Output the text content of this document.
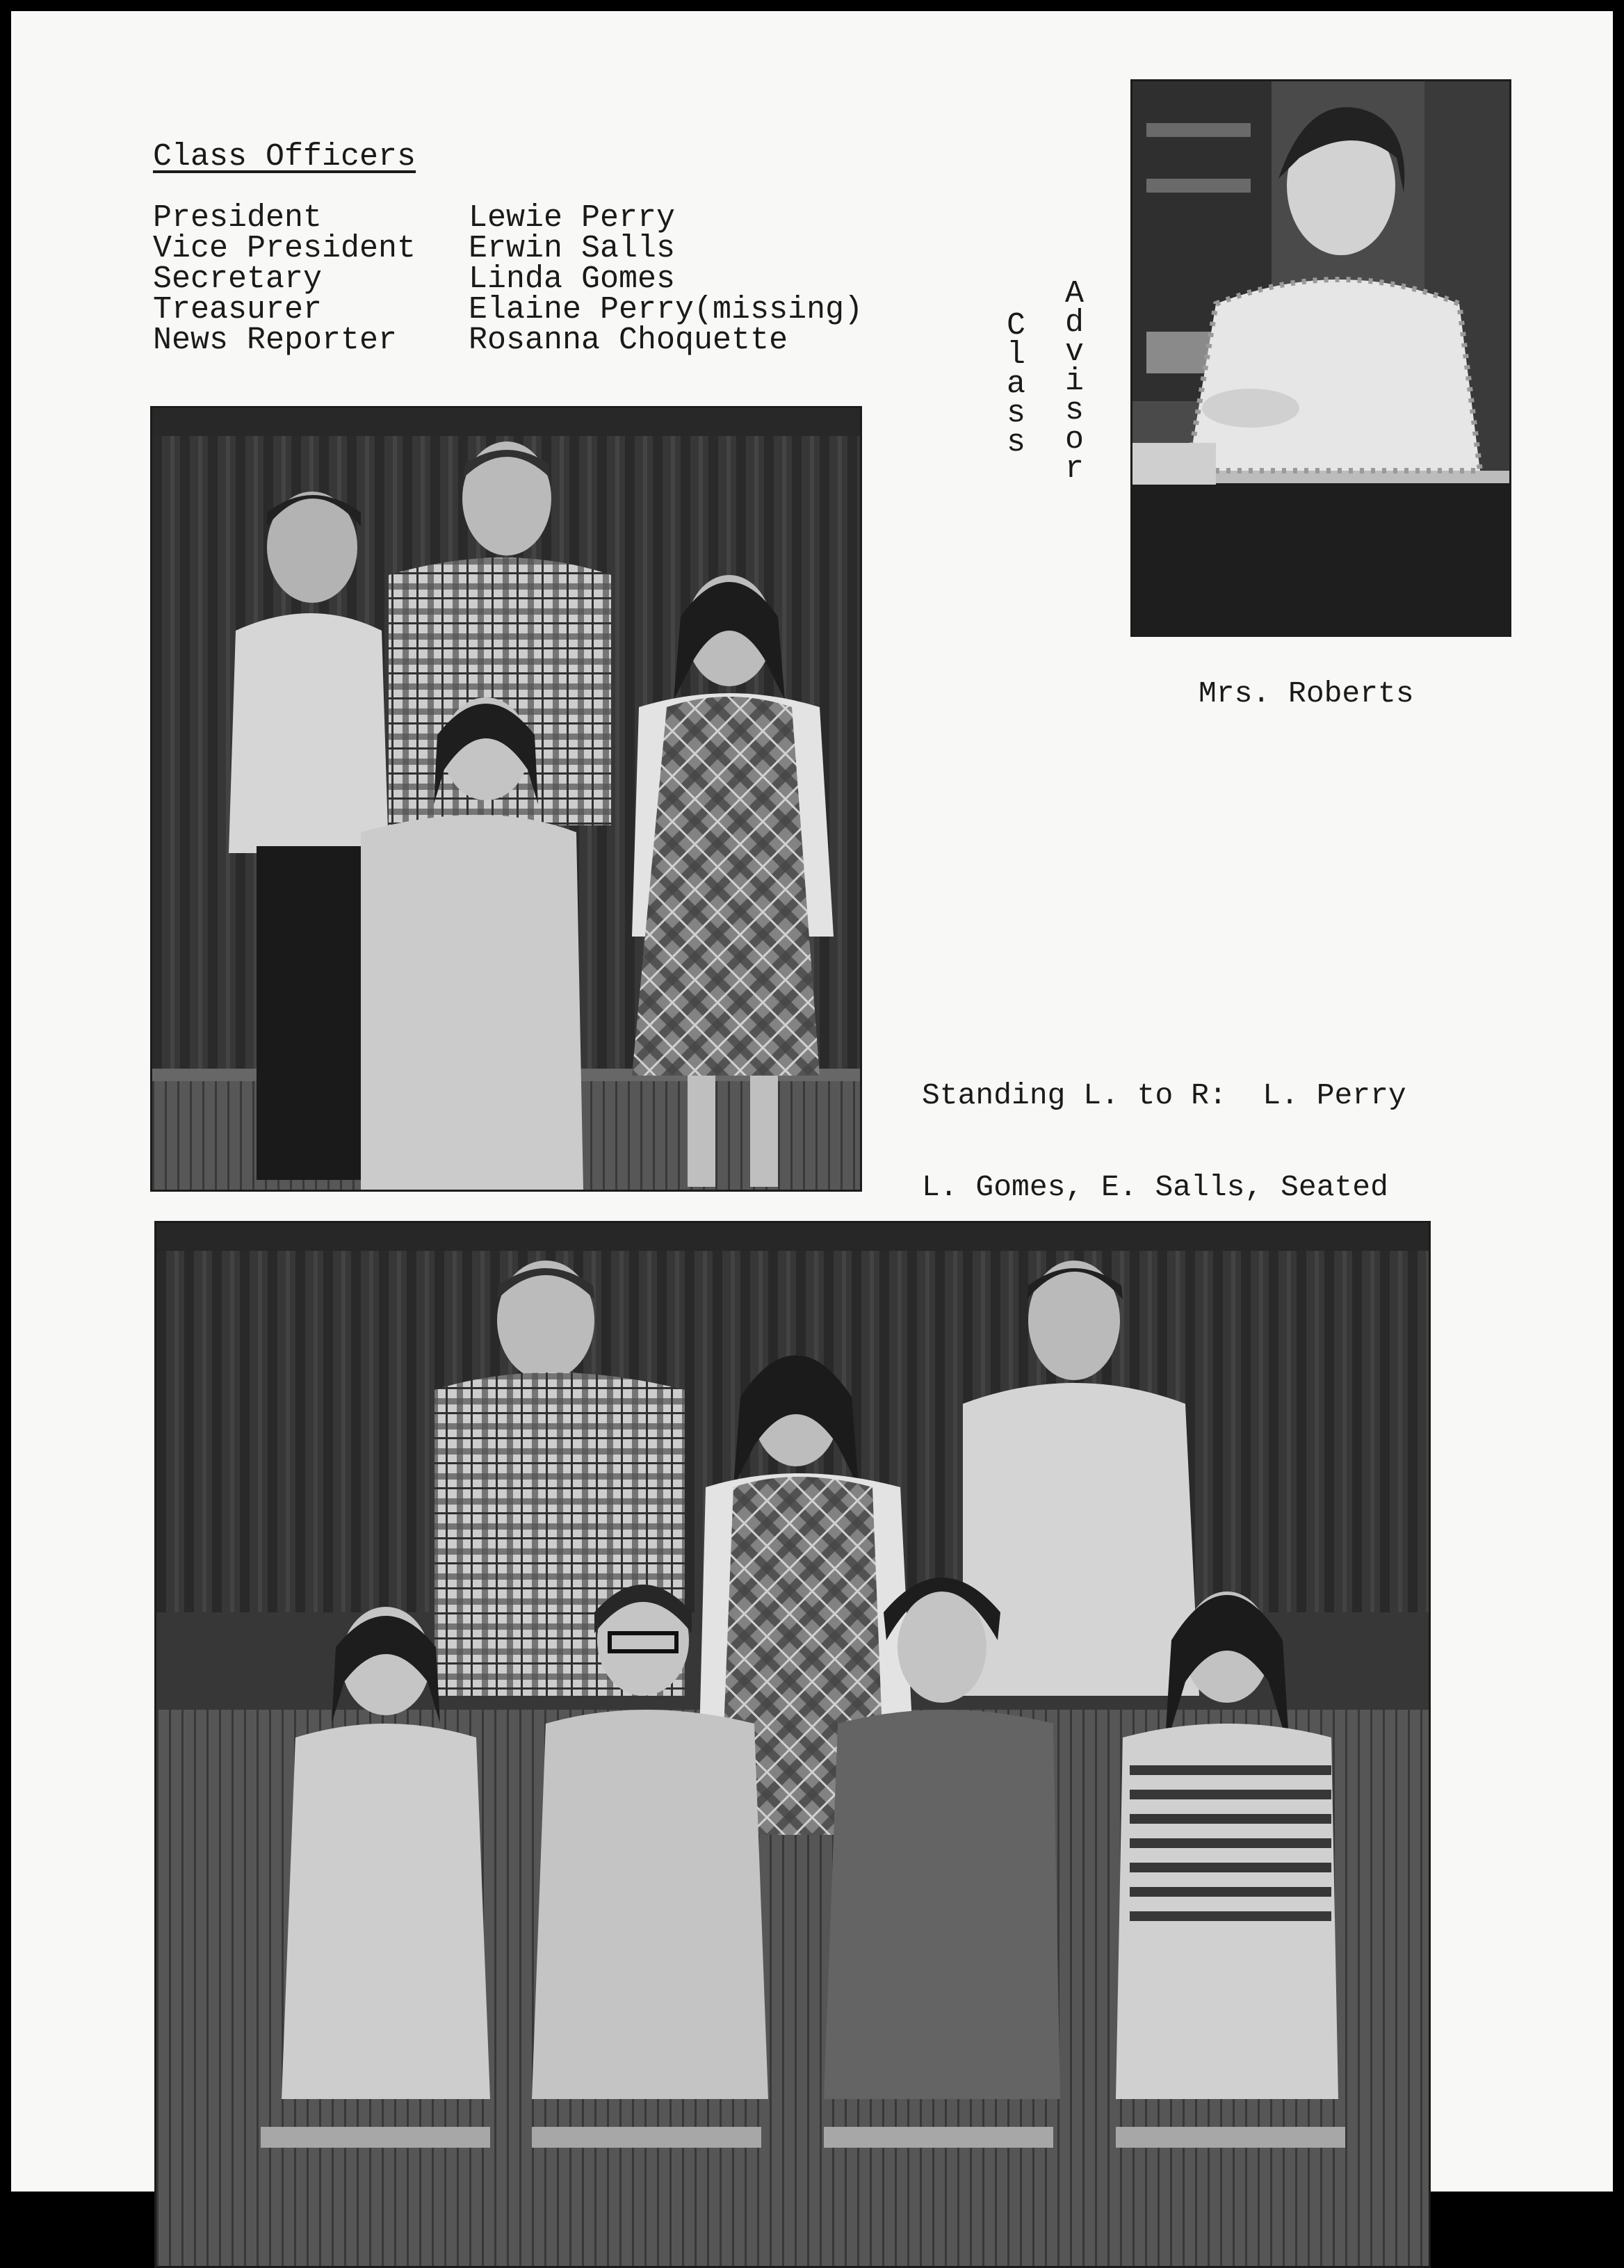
Class Officers
President
Vice President
Secretary
Treasurer
News Reporter
Lewie Perry
Erwin Salls
Linda Gomes
Elaine Perry(missing)
Rosanna Choquette	C
l
a
s
s
A
d
v
i
s
o
r
Mrs. Roberts

Standing L. to R:  L. Perry

L. Gomes, E. Salls, Seated
